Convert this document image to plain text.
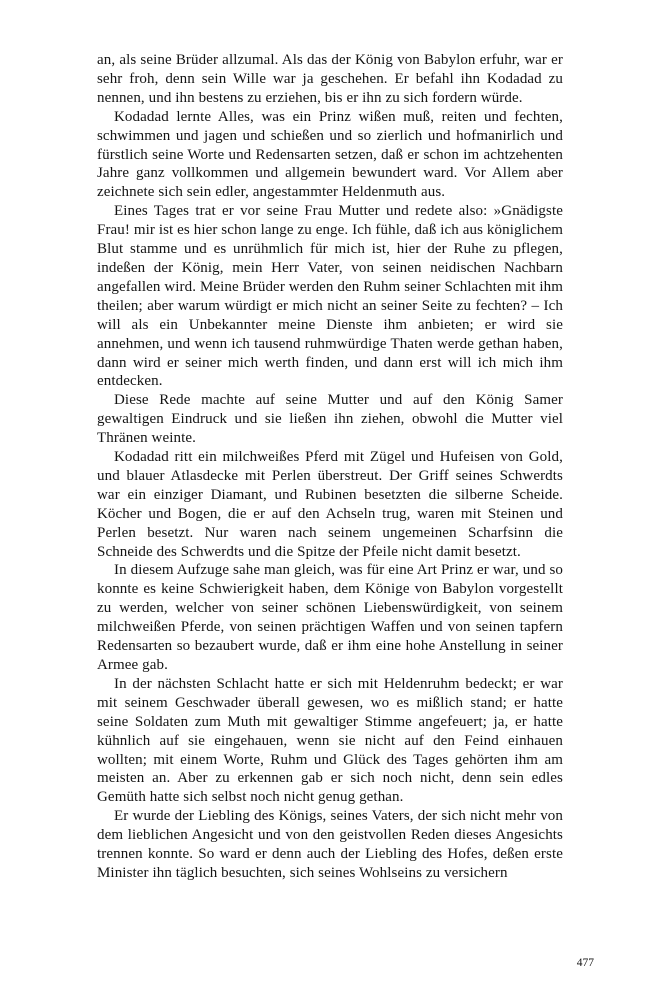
an, als seine Brüder allzumal. Als das der König von Babylon erfuhr, war er sehr froh, denn sein Wille war ja geschehen. Er befahl ihn Kodadad zu nennen, und ihn bestens zu erziehen, bis er ihn zu sich fordern würde.

Kodadad lernte Alles, was ein Prinz wißen muß, reiten und fechten, schwimmen und jagen und schießen und so zierlich und hofmanirlich und fürstlich seine Worte und Redensarten setzen, daß er schon im achtzehenten Jahre ganz vollkommen und allgemein bewundert ward. Vor Allem aber zeichnete sich sein edler, angestammter Heldenmuth aus.

Eines Tages trat er vor seine Frau Mutter und redete also: »Gnädigste Frau! mir ist es hier schon lange zu enge. Ich fühle, daß ich aus königlichem Blut stamme und es unrühmlich für mich ist, hier der Ruhe zu pflegen, indeßen der König, mein Herr Vater, von seinen neidischen Nachbarn angefallen wird. Meine Brüder werden den Ruhm seiner Schlachten mit ihm theilen; aber warum würdigt er mich nicht an seiner Seite zu fechten? – Ich will als ein Unbekannter meine Dienste ihm anbieten; er wird sie annehmen, und wenn ich tausend ruhmwürdige Thaten werde gethan haben, dann wird er seiner mich werth finden, und dann erst will ich mich ihm entdecken.

Diese Rede machte auf seine Mutter und auf den König Samer gewaltigen Eindruck und sie ließen ihn ziehen, obwohl die Mutter viel Thränen weinte.

Kodadad ritt ein milchweißes Pferd mit Zügel und Hufeisen von Gold, und blauer Atlasdecke mit Perlen überstreut. Der Griff seines Schwerdts war ein einziger Diamant, und Rubinen besetzten die silberne Scheide. Köcher und Bogen, die er auf den Achseln trug, waren mit Steinen und Perlen besetzt. Nur waren nach seinem ungemeinen Scharfsinn die Schneide des Schwerdts und die Spitze der Pfeile nicht damit besetzt.

In diesem Aufzuge sahe man gleich, was für eine Art Prinz er war, und so konnte es keine Schwierigkeit haben, dem Könige von Babylon vorgestellt zu werden, welcher von seiner schönen Liebenswürdigkeit, von seinem milchweißen Pferde, von seinen prächtigen Waffen und von seinen tapfern Redensarten so bezaubert wurde, daß er ihm eine hohe Anstellung in seiner Armee gab.

In der nächsten Schlacht hatte er sich mit Heldenruhm bedeckt; er war mit seinem Geschwader überall gewesen, wo es mißlich stand; er hatte seine Soldaten zum Muth mit gewaltiger Stimme angefeuert; ja, er hatte kühnlich auf sie eingehauen, wenn sie nicht auf den Feind einhauen wollten; mit einem Worte, Ruhm und Glück des Tages gehörten ihm am meisten an. Aber zu erkennen gab er sich noch nicht, denn sein edles Gemüth hatte sich selbst noch nicht genug gethan.

Er wurde der Liebling des Königs, seines Vaters, der sich nicht mehr von dem lieblichen Angesicht und von den geistvollen Reden dieses Angesichts trennen konnte. So ward er denn auch der Liebling des Hofes, deßen erste Minister ihn täglich besuchten, sich seines Wohlseins zu versichern

477
